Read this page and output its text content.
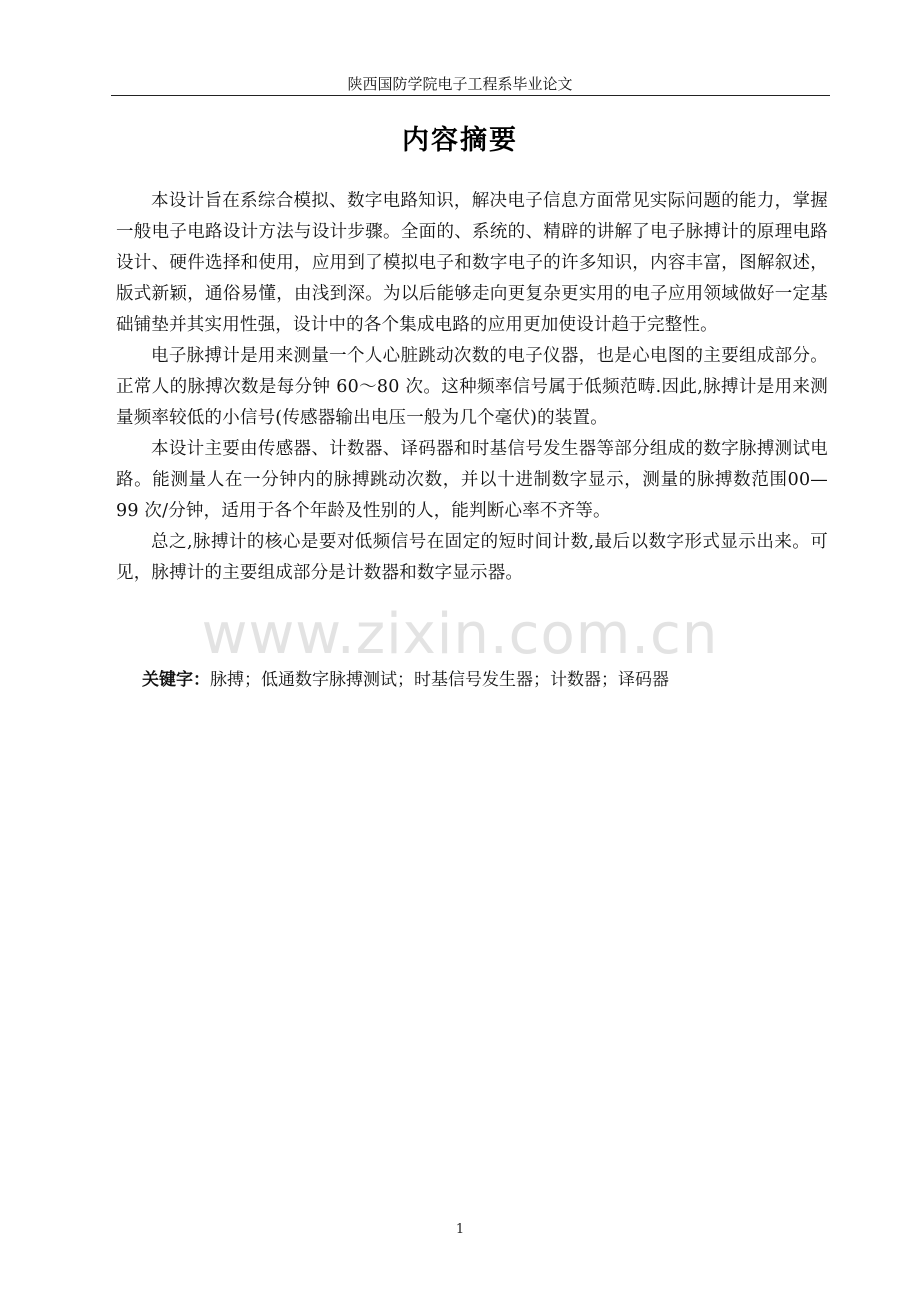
陕西国防学院电子工程系毕业论文
www.zixin.com.cn
内容摘要

本设计旨在系综合模拟、数字电路知识，解决电子信息方面常见实际问题的能力，掌握一般电子电路设计方法与设计步骤。全面的、系统的、精辟的讲解了电子脉搏计的原理电路设计、硬件选择和使用，应用到了模拟电子和数字电子的许多知识，内容丰富，图解叙述，版式新颖，通俗易懂，由浅到深。为以后能够走向更复杂更实用的电子应用领域做好一定基础铺垫并其实用性强，设计中的各个集成电路的应用更加使设计趋于完整性。

电子脉搏计是用来测量一个人心脏跳动次数的电子仪器，也是心电图的主要组成部分。正常人的脉搏次数是每分钟 60～80 次。这种频率信号属于低频范畴.因此,脉搏计是用来测量频率较低的小信号(传感器输出电压一般为几个毫伏)的装置。

本设计主要由传感器、计数器、译码器和时基信号发生器等部分组成的数字脉搏测试电路。能测量人在一分钟内的脉搏跳动次数，并以十进制数字显示，测量的脉搏数范围00—99 次/分钟，适用于各个年龄及性别的人，能判断心率不齐等。

总之,脉搏计的核心是要对低频信号在固定的短时间计数,最后以数字形式显示出来。可见，脉搏计的主要组成部分是计数器和数字显示器。

关键字：脉搏；低通数字脉搏测试；时基信号发生器；计数器；译码器
1
